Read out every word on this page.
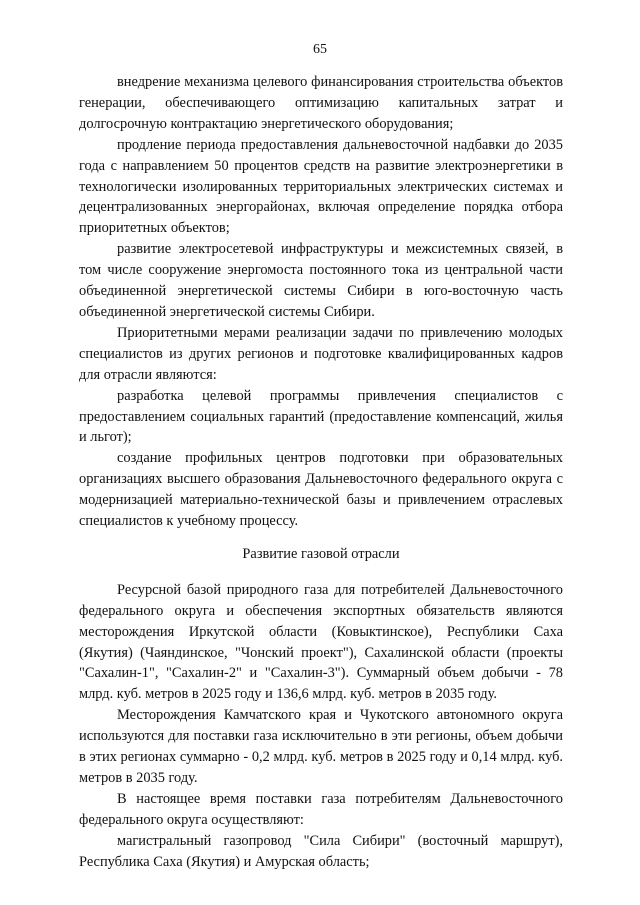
65

внедрение механизма целевого финансирования строительства объектов генерации, обеспечивающего оптимизацию капитальных затрат и долгосрочную контрактацию энергетического оборудования;

продление периода предоставления дальневосточной надбавки до 2035 года с направлением 50 процентов средств на развитие электроэнергетики в технологически изолированных территориальных электрических системах и децентрализованных энергорайонах, включая определение порядка отбора приоритетных объектов;

развитие электросетевой инфраструктуры и межсистемных связей, в том числе сооружение энергомоста постоянного тока из центральной части объединенной энергетической системы Сибири в юго-восточную часть объединенной энергетической системы Сибири.

Приоритетными мерами реализации задачи по привлечению молодых специалистов из других регионов и подготовке квалифицированных кадров для отрасли являются:

разработка целевой программы привлечения специалистов с предоставлением социальных гарантий (предоставление компенсаций, жилья и льгот);

создание профильных центров подготовки при образовательных организациях высшего образования Дальневосточного федерального округа с модернизацией материально-технической базы и привлечением отраслевых специалистов к учебному процессу.

Развитие газовой отрасли

Ресурсной базой природного газа для потребителей Дальневосточного федерального округа и обеспечения экспортных обязательств являются месторождения Иркутской области (Ковыктинское), Республики Саха (Якутия) (Чаяндинское, "Чонский проект"), Сахалинской области (проекты "Сахалин-1", "Сахалин-2" и "Сахалин-3"). Суммарный объем добычи - 78 млрд. куб. метров в 2025 году и 136,6 млрд. куб. метров в 2035 году.

Месторождения Камчатского края и Чукотского автономного округа используются для поставки газа исключительно в эти регионы, объем добычи в этих регионах суммарно - 0,2 млрд. куб. метров в 2025 году и 0,14 млрд. куб. метров в 2035 году.

В настоящее время поставки газа потребителям Дальневосточного федерального округа осуществляют:

магистральный газопровод "Сила Сибири" (восточный маршрут), Республика Саха (Якутия) и Амурская область;
